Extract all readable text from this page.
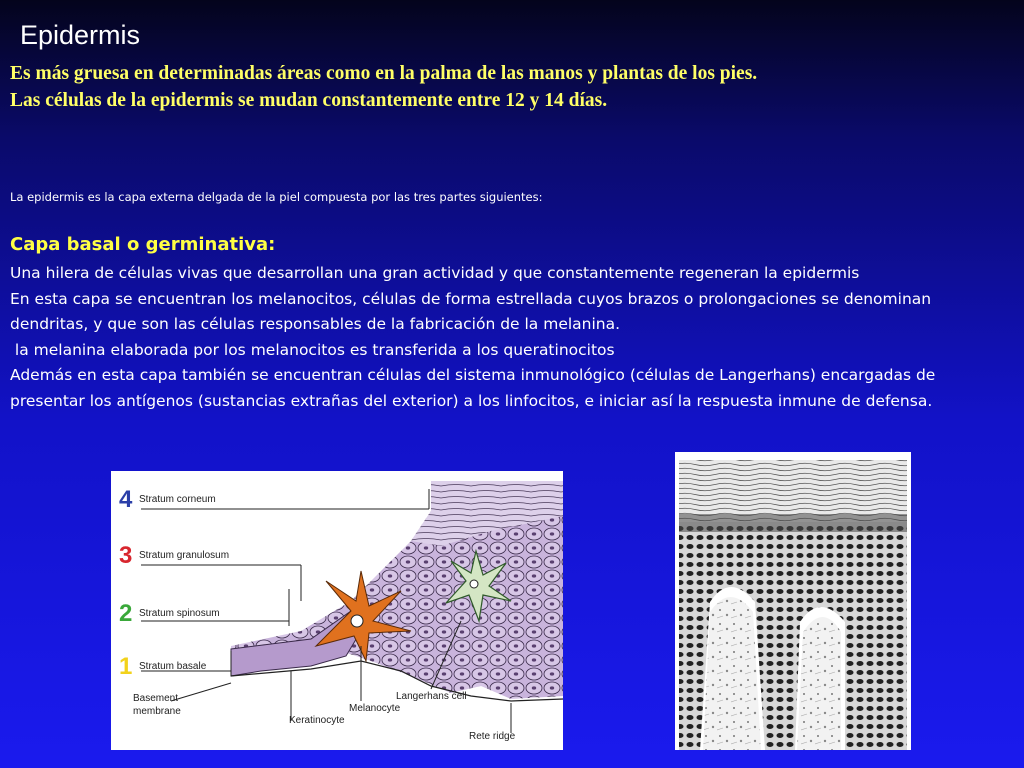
Epidermis

Es más gruesa en determinadas áreas como en la palma de las manos y plantas de los pies.

Las células de la epidermis se mudan constantemente entre 12 y 14 días.

La epidermis es la capa externa delgada de la piel compuesta por las tres partes siguientes:
Capa basal o germinativa:

Una hilera de células vivas que desarrollan una gran actividad y que constantemente regeneran la epidermis

En esta capa se encuentran los melanocitos, células de forma estrellada cuyos brazos o prolongaciones se denominan dendritas, y que son las células responsables de la fabricación de la melanina.

la melanina elaborada por los melanocitos es transferida a los queratinocitos

Además en esta capa también se encuentran células del sistema inmunológico (células de Langerhans) encargadas de presentar los antígenos (sustancias extrañas del exterior) a los linfocitos, e iniciar así la respuesta inmune de defensa.

4 Stratum corneum
3 Stratum granulosum
2 Stratum spinosum
1 Stratum basale
Basement
membrane
Keratinocyte
Melanocyte
Langerhans cell
Rete ridge
